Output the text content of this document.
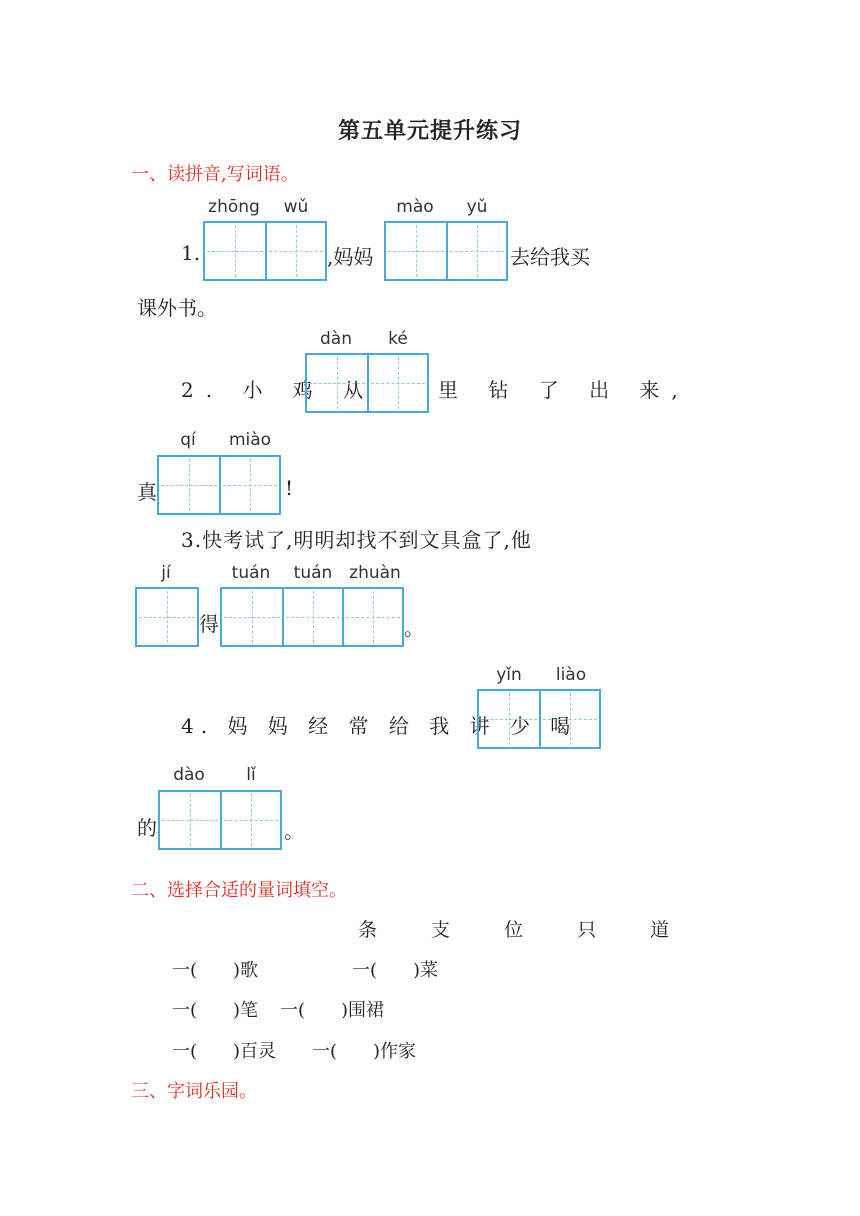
第五单元提升练习
一、读拼音,写词语。
zhōng	wǔ
1.	,妈妈
mào	yǔ
去给我买
课外书。
dàn	ké
2. 小 鸡 从	里 钻 了 出 来,
qí	miào
真	!
3.快考试了,明明却找不到文具盒了,他
jí
得
tuán	tuán zhuàn
。
yǐn	liào
4. 妈 妈 经 常 给 我 讲 少 喝
dào	lǐ
的	。
二、选择合适的量词填空。
条 支 位 只 道
一(　　)歌	一(　　)菜
一(　　)笔 一(　　)围裙
一(　　)百灵 一(　　)作家
三、字词乐园。
